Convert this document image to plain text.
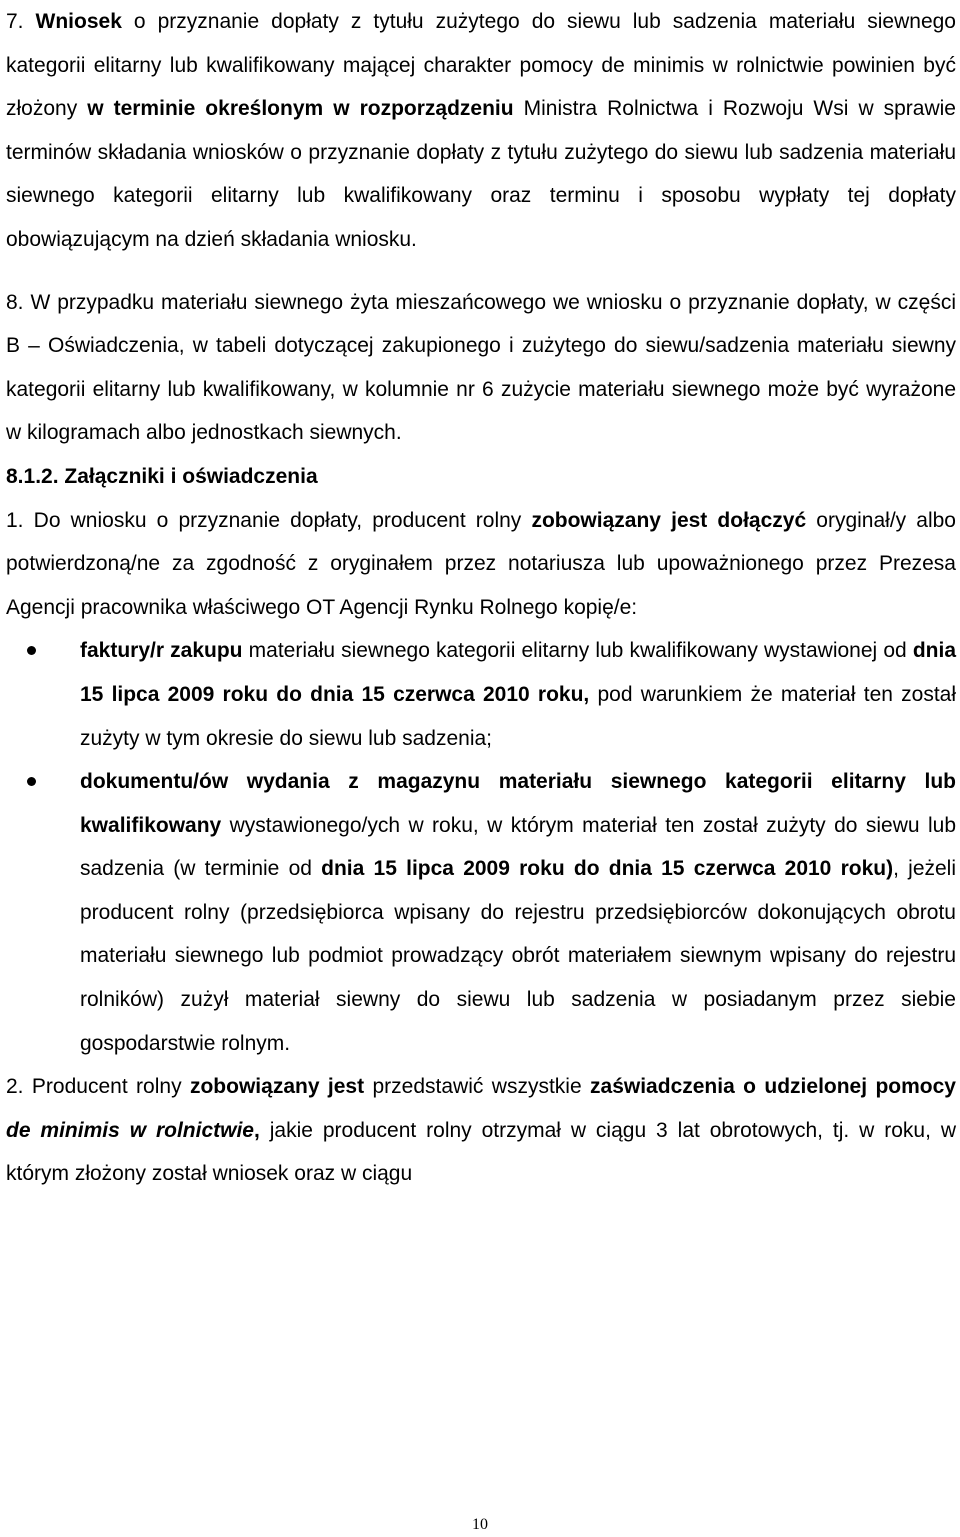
7. Wniosek o przyznanie dopłaty z tytułu zużytego do siewu lub sadzenia materiału siewnego kategorii elitarny lub kwalifikowany mającej charakter pomocy de minimis w rolnictwie powinien być złożony w terminie określonym w rozporządzeniu Ministra Rolnictwa i Rozwoju Wsi w sprawie terminów składania wniosków o przyznanie dopłaty z tytułu zużytego do siewu lub sadzenia materiału siewnego kategorii elitarny lub kwalifikowany oraz terminu i sposobu wypłaty tej dopłaty obowiązującym na dzień składania wniosku.

8. W przypadku materiału siewnego żyta mieszańcowego we wniosku o przyznanie dopłaty, w części B – Oświadczenia, w tabeli dotyczącej zakupionego i zużytego do siewu/sadzenia materiału siewny kategorii elitarny lub kwalifikowany, w kolumnie nr 6 zużycie materiału siewnego może być wyrażone w kilogramach albo jednostkach siewnych.

8.1.2. Załączniki i oświadczenia

1. Do wniosku o przyznanie dopłaty, producent rolny zobowiązany jest dołączyć oryginał/y albo potwierdzoną/ne za zgodność z oryginałem przez notariusza lub upoważnionego przez Prezesa Agencji pracownika właściwego OT Agencji Rynku Rolnego kopię/e:

faktury/r zakupu materiału siewnego kategorii elitarny lub kwalifikowany wystawionej od dnia 15 lipca 2009 roku do dnia 15 czerwca 2010 roku, pod warunkiem że materiał ten został zużyty w tym okresie do siewu lub sadzenia;
dokumentu/ów wydania z magazynu materiału siewnego kategorii elitarny lub kwalifikowany wystawionego/ych w roku, w którym materiał ten został zużyty do siewu lub sadzenia (w terminie od dnia 15 lipca 2009 roku do dnia 15 czerwca 2010 roku), jeżeli producent rolny (przedsiębiorca wpisany do rejestru przedsiębiorców dokonujących obrotu materiału siewnego lub podmiot prowadzący obrót materiałem siewnym wpisany do rejestru rolników) zużył materiał siewny do siewu lub sadzenia w posiadanym przez siebie gospodarstwie rolnym.

2. Producent rolny zobowiązany jest przedstawić wszystkie zaświadczenia o udzielonej pomocy de minimis w rolnictwie, jakie producent rolny otrzymał w ciągu 3 lat obrotowych, tj. w roku, w którym złożony został wniosek oraz w ciągu

10
